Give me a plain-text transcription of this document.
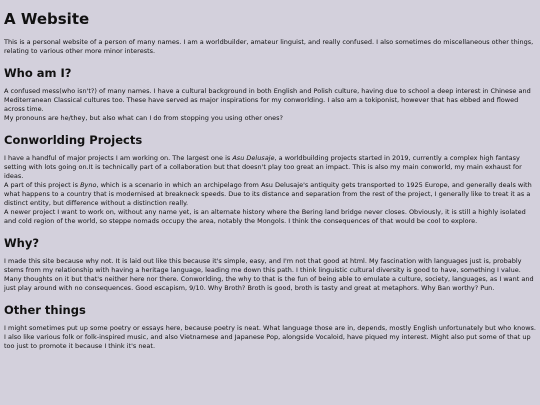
A Website

This is a personal website of a person of many names. I am a worldbuilder, amateur linguist, and really confused. I also sometimes do miscellaneous other things, relating to various other more minor interests.

Who am I?

A confused mess(who isn't?) of many names. I have a cultural background in both English and Polish culture, having due to school a deep interest in Chinese and Mediterranean Classical cultures too. These have served as major inspirations for my conworlding. I also am a tokiponist, however that has ebbed and flowed across time.

My pronouns are he/they, but also what can I do from stopping you using other ones?

Conworlding Projects

I have a handful of major projects I am working on. The largest one is Asu Delusaje, a worldbuilding projects started in 2019, currently a complex high fantasy setting with lots going on.It is technically part of a collaboration but that doesn't play too great an impact. This is also my main conworld, my main exhaust for ideas.

A part of this project is Byno, which is a scenario in which an archipelago from Asu Delusaje's antiquity gets transported to 1925 Europe, and generally deals with what happens to a country that is modernised at breakneck speeds. Due to its distance and separation from the rest of the project, I generally like to treat it as a distinct entity, but difference without a distinction really.

A newer project I want to work on, without any name yet, is an alternate history where the Bering land bridge never closes. Obviously, it is still a highly isolated and cold region of the world, so steppe nomads occupy the area, notably the Mongols. I think the consequences of that would be cool to explore.

Why?

I made this site because why not. It is laid out like this because it's simple, easy, and I'm not that good at html. My fascination with languages just is, probably stems from my relationship with having a heritage language, leading me down this path. I think linguistic cultural diversity is good to have, something I value. Many thoughts on it but that's neither here nor there. Conworlding, the why to that is the fun of being able to emulate a culture, society, languages, as I want and just play around with no consequences. Good escapism, 9/10. Why Broth? Broth is good, broth is tasty and great at metaphors. Why Ban worthy? Pun.

Other things

I might sometimes put up some poetry or essays here, because poetry is neat. What language those are in, depends, mostly English unfortunately but who knows. I also like various folk or folk-inspired music, and also Vietnamese and Japanese Pop, alongside Vocaloid, have piqued my interest. Might also put some of that up too just to promote it because I think it's neat.
